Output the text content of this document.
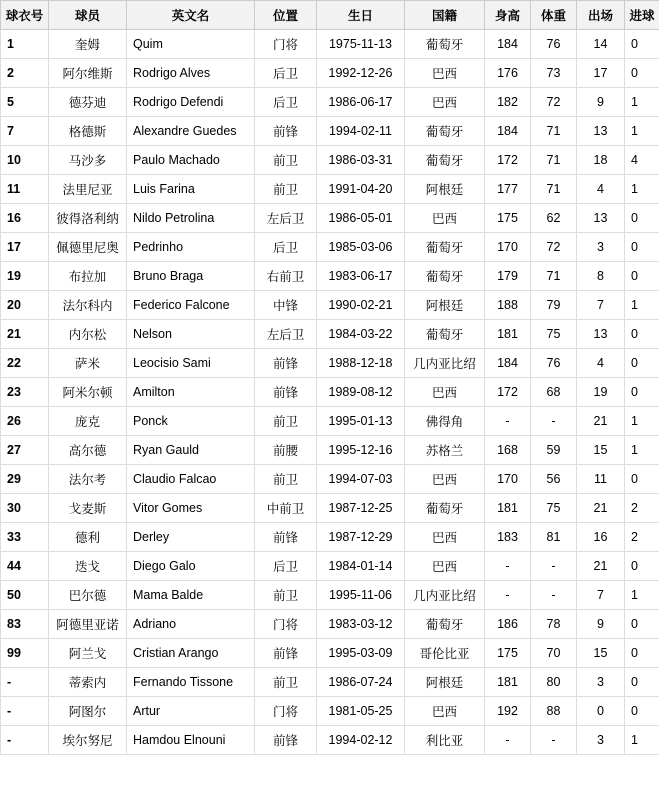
球衣号	球员	英文名	位置	生日	国籍	身高	体重	出场	进球
1	奎姆	Quim	门将	1975-11-13	葡萄牙	184	76	14	0
2	阿尔维斯	Rodrigo Alves	后卫	1992-12-26	巴西	176	73	17	0
5	德芬迪	Rodrigo Defendi	后卫	1986-06-17	巴西	182	72	9	1
7	格德斯	Alexandre Guedes	前锋	1994-02-11	葡萄牙	184	71	13	1
10	马沙多	Paulo Machado	前卫	1986-03-31	葡萄牙	172	71	18	4
11	法里尼亚	Luis Farina	前卫	1991-04-20	阿根廷	177	71	4	1
16	彼得洛利纳	Nildo Petrolina	左后卫	1986-05-01	巴西	175	62	13	0
17	佩德里尼奥	Pedrinho	后卫	1985-03-06	葡萄牙	170	72	3	0
19	布拉加	Bruno Braga	右前卫	1983-06-17	葡萄牙	179	71	8	0
20	法尔科内	Federico Falcone	中锋	1990-02-21	阿根廷	188	79	7	1
21	内尔松	Nelson	左后卫	1984-03-22	葡萄牙	181	75	13	0
22	萨米	Leocisio Sami	前锋	1988-12-18	几内亚比绍	184	76	4	0
23	阿米尔顿	Amilton	前锋	1989-08-12	巴西	172	68	19	0
26	庞克	Ponck	前卫	1995-01-13	佛得角	-	-	21	1
27	高尔德	Ryan Gauld	前腰	1995-12-16	苏格兰	168	59	15	1
29	法尔考	Claudio Falcao	前卫	1994-07-03	巴西	170	56	11	0
30	戈麦斯	Vitor Gomes	中前卫	1987-12-25	葡萄牙	181	75	21	2
33	德利	Derley	前锋	1987-12-29	巴西	183	81	16	2
44	迭戈	Diego Galo	后卫	1984-01-14	巴西	-	-	21	0
50	巴尔德	Mama Balde	前卫	1995-11-06	几内亚比绍	-	-	7	1
83	阿德里亚诺	Adriano	门将	1983-03-12	葡萄牙	186	78	9	0
99	阿兰戈	Cristian Arango	前锋	1995-03-09	哥伦比亚	175	70	15	0
-	蒂索内	Fernando Tissone	前卫	1986-07-24	阿根廷	181	80	3	0
-	阿图尔	Artur	门将	1981-05-25	巴西	192	88	0	0
-	埃尔努尼	Hamdou Elnouni	前锋	1994-02-12	利比亚	-	-	3	1
